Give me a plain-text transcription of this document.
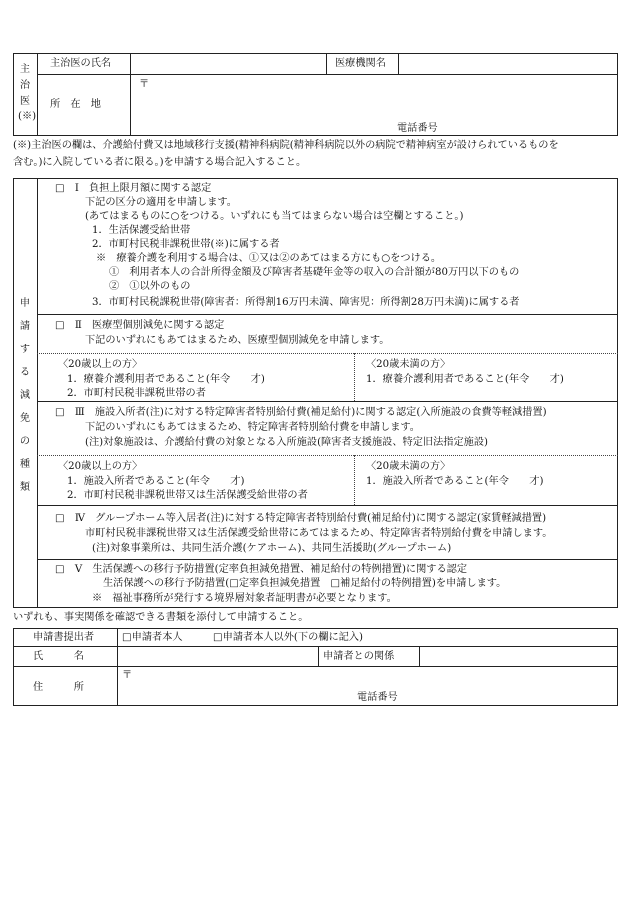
主治医(※)
主治医の氏名	医療機関名
所　在　地
〒
電話番号
(※)主治医の欄は、介護給付費又は地域移行支援(精神科病院(精神科病院以外の病院で精神病室が設けられているものを
含む。)に入院している者に限る。)を申請する場合記入すること。
申請する減免の種類
□　Ⅰ　負担上限月額に関する認定
下記の区分の適用を申請します。
(あてはまるものに○をつける。いずれにも当てはまらない場合は空欄とすること。)
1．生活保護受給世帯
2．市町村民税非課税世帯(※)に属する者
※　療養介護を利用する場合は、①又は②のあてはまる方にも○をつける。
①　利用者本人の合計所得金額及び障害者基礎年金等の収入の合計額が80万円以下のもの
②　①以外のもの
3．市町村民税課税世帯(障害者：所得割16万円未満、障害児：所得割28万円未満)に属する者
□　Ⅱ　医療型個別減免に関する認定
下記のいずれにもあてはまるため、医療型個別減免を申請します。
〈20歳以上の方〉
1．療養介護利用者であること(年令　　才)
2．市町村民税非課税世帯の者
〈20歳未満の方〉
1．療養介護利用者であること(年令　　才)
□　Ⅲ　施設入所者(注)に対する特定障害者特別給付費(補足給付)に関する認定(入所施設の食費等軽減措置)
下記のいずれにもあてはまるため、特定障害者特別給付費を申請します。
(注)対象施設は、介護給付費の対象となる入所施設(障害者支援施設、特定旧法指定施設)
〈20歳以上の方〉
1．施設入所者であること(年令　　才)
2．市町村民税非課税世帯又は生活保護受給世帯の者
〈20歳未満の方〉
1．施設入所者であること(年令　　才)
□　Ⅳ　グループホーム等入居者(注)に対する特定障害者特別給付費(補足給付)に関する認定(家賃軽減措置)
市町村民税非課税世帯又は生活保護受給世帯にあてはまるため、特定障害者特別給付費を申請します。
(注)対象事業所は、共同生活介護(ケアホーム)、共同生活援助(グループホーム)
□　Ⅴ　生活保護への移行予防措置(定率負担減免措置、補足給付の特例措置)に関する認定
生活保護への移行予防措置(□定率負担減免措置　□補足給付の特例措置)を申請します。
※　福祉事務所が発行する境界層対象者証明書が必要となります。
いずれも、事実関係を確認できる書類を添付して申請すること。
申請書提出者	□申請者本人	□申請者本人以外(下の欄に記入)
氏　　　名	申請者との関係
住　　　所
〒
電話番号
